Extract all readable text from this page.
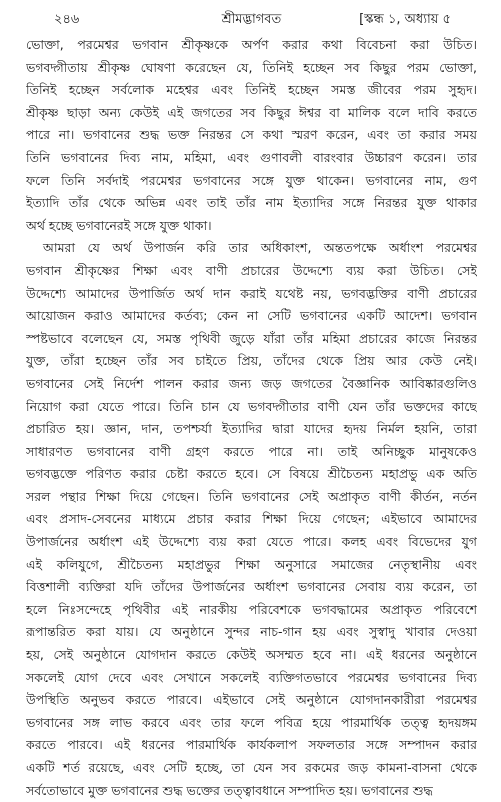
২৪৬	শ্রীমদ্ভাগবত	[স্কন্ধ ১, অধ্যায় ৫

ভোক্তা, পরমেশ্বর ভগবান শ্রীকৃষ্ণকে অর্পণ করার কথা বিবেচনা করা উচিত।
ভগবদ্গীতায় শ্রীকৃষ্ণ ঘোষণা করেছেন যে, তিনিই হচ্ছেন সব কিছুর পরম ভোক্তা,
তিনিই হচ্ছেন সর্বলোক মহেশ্বর এবং তিনিই হচ্ছেন সমস্ত জীবের পরম সুহৃদ।
শ্রীকৃষ্ণ ছাড়া অন্য কেউই এই জগতের সব কিছুর ঈশ্বর বা মালিক বলে দাবি করতে
পারে না। ভগবানের শুদ্ধ ভক্ত নিরন্তর সে কথা স্মরণ করেন, এবং তা করার সময়
তিনি ভগবানের দিব্য নাম, মহিমা, এবং গুণাবলী বারংবার উচ্চারণ করেন। তার
ফলে তিনি সর্বদাই পরমেশ্বর ভগবানের সঙ্গে যুক্ত থাকেন। ভগবানের নাম, গুণ
ইত্যাদি তাঁর থেকে অভিন্ন এবং তাই তাঁর নাম ইত্যাদির সঙ্গে নিরন্তর যুক্ত থাকার
অর্থ হচ্ছে ভগবানেরই সঙ্গে যুক্ত থাকা।

আমরা যে অর্থ উপার্জন করি তার অধিকাংশ, অন্ততপক্ষে অর্ধাংশ পরমেশ্বর
ভগবান শ্রীকৃষ্ণের শিক্ষা এবং বাণী প্রচারের উদ্দেশ্যে ব্যয় করা উচিত। সেই
উদ্দেশ্যে আমাদের উপার্জিত অর্থ দান করাই যথেষ্ট নয়, ভগবদ্ভক্তির বাণী প্রচারের
আয়োজন করাও আমাদের কর্তব্য; কেন না সেটি ভগবানের একটি আদেশ। ভগবান
স্পষ্টভাবে বলেছেন যে, সমস্ত পৃথিবী জুড়ে যাঁরা তাঁর মহিমা প্রচারের কাজে নিরন্তর
যুক্ত, তাঁরা হচ্ছেন তাঁর সব চাইতে প্রিয়, তাঁদের থেকে প্রিয় আর কেউ নেই।
ভগবানের সেই নির্দেশ পালন করার জন্য জড় জগতের বৈজ্ঞানিক আবিষ্কারগুলিও
নিয়োগ করা যেতে পারে। তিনি চান যে ভগবদ্গীতার বাণী যেন তাঁর ভক্তদের কাছে
প্রচারিত হয়। জ্ঞান, দান, তপশ্চর্যা ইত্যাদির দ্বারা যাদের হৃদয় নির্মল হয়নি, তারা
সাধারণত ভগবানের বাণী গ্রহণ করতে পারে না। তাই অনিচ্ছুক মানুষকেও
ভগবদ্ভক্তে পরিণত করার চেষ্টা করতে হবে। সে বিষয়ে শ্রীচৈতন্য মহাপ্রভু এক অতি
সরল পন্থার শিক্ষা দিয়ে গেছেন। তিনি ভগবানের সেই অপ্রাকৃত বাণী কীর্তন, নর্তন
এবং প্রসাদ-সেবনের মাধ্যমে প্রচার করার শিক্ষা দিয়ে গেছেন; এইভাবে আমাদের
উপার্জনের অর্ধাংশ এই উদ্দেশ্যে ব্যয় করা যেতে পারে। কলহ এবং বিভেদের যুগ
এই কলিযুগে, শ্রীচৈতন্য মহাপ্রভুর শিক্ষা অনুসারে সমাজের নেতৃস্থানীয় এবং
বিত্তশালী ব্যক্তিরা যদি তাঁদের উপার্জনের অর্ধাংশ ভগবানের সেবায় ব্যয় করেন, তা
হলে নিঃসন্দেহে পৃথিবীর এই নারকীয় পরিবেশকে ভগবদ্ধামের অপ্রাকৃত পরিবেশে
রূপান্তরিত করা যায়। যে অনুষ্ঠানে সুন্দর নাচ-গান হয় এবং সুস্বাদু খাবার দেওয়া
হয়, সেই অনুষ্ঠানে যোগদান করতে কেউই অসম্মত হবে না। এই ধরনের অনুষ্ঠানে
সকলেই যোগ দেবে এবং সেখানে সকলেই ব্যক্তিগতভাবে পরমেশ্বর ভগবানের দিব্য
উপস্থিতি অনুভব করতে পারবে। এইভাবে সেই অনুষ্ঠানে যোগদানকারীরা পরমেশ্বর
ভগবানের সঙ্গ লাভ করবে এবং তার ফলে পবিত্র হয়ে পারমার্থিক তত্ত্ব হৃদয়ঙ্গম
করতে পারবে। এই ধরনের পারমার্থিক কার্যকলাপ সফলতার সঙ্গে সম্পাদন করার
একটি শর্ত রয়েছে, এবং সেটি হচ্ছে, তা যেন সব রকমের জড় কামনা-বাসনা থেকে
সর্বতোভাবে মুক্ত ভগবানের শুদ্ধ ভক্তের তত্ত্বাবধানে সম্পাদিত হয়। ভগবানের শুদ্ধ
